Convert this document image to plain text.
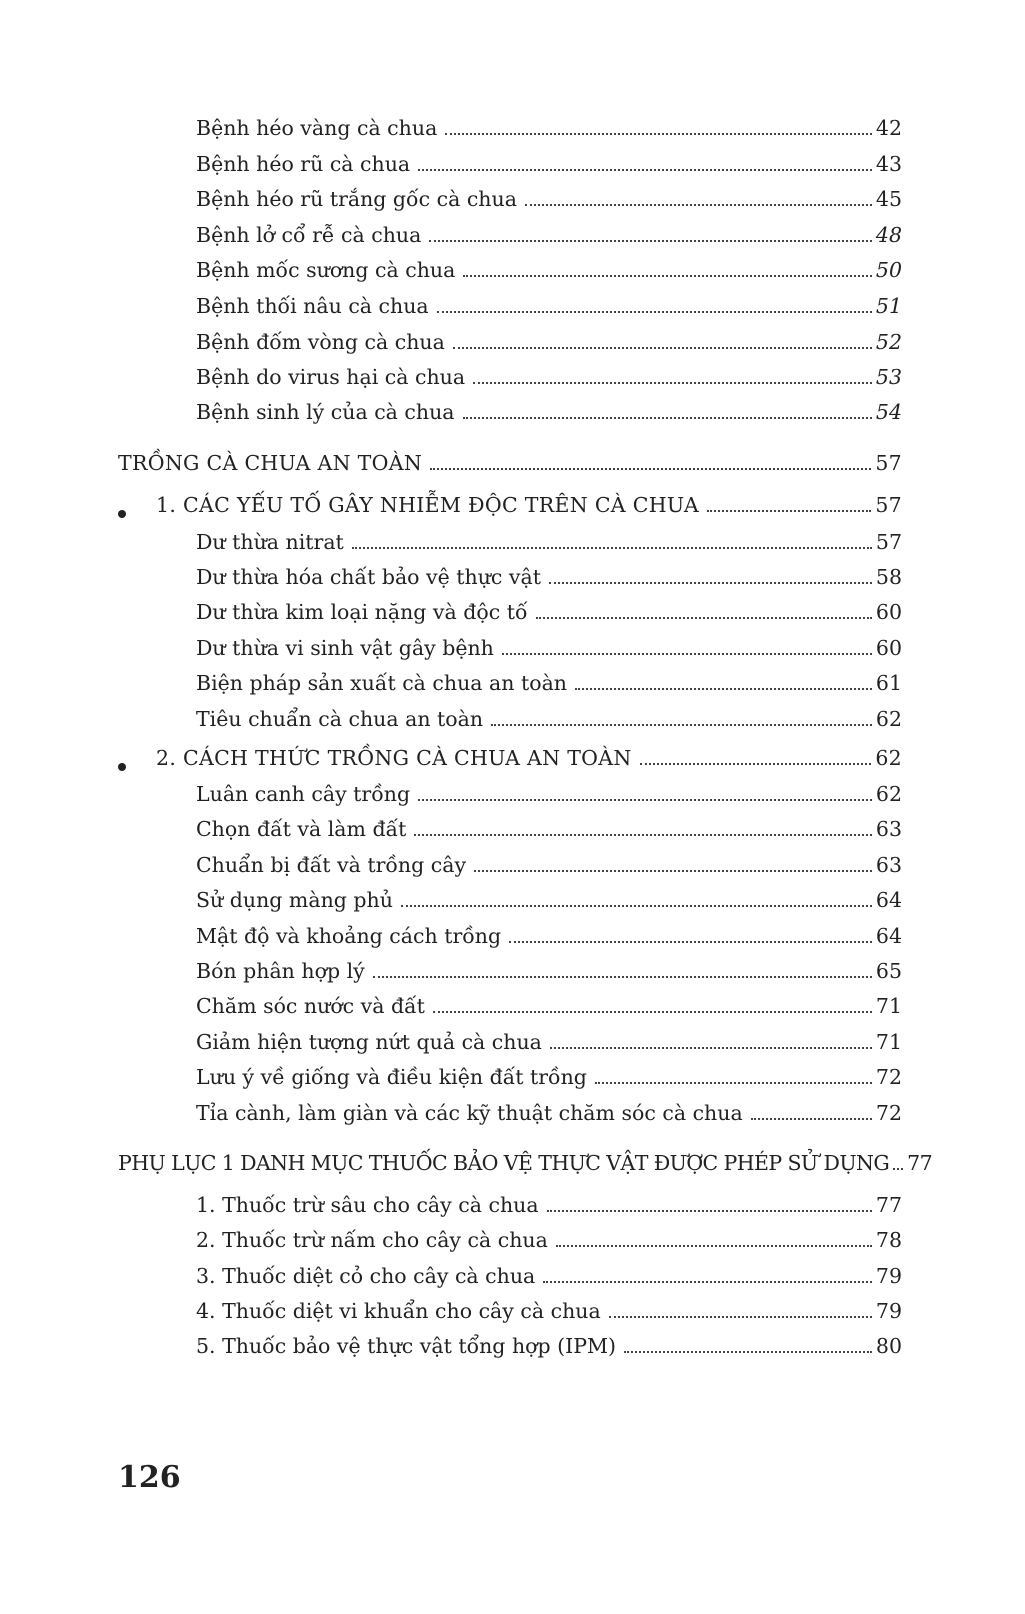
Bệnh héo vàng cà chua	42
Bệnh héo rũ cà chua	43
Bệnh héo rũ trắng gốc cà chua	45
Bệnh lở cổ rễ cà chua	48
Bệnh mốc sương cà chua	50
Bệnh thối nâu cà chua	51
Bệnh đốm vòng cà chua	52
Bệnh do virus hại cà chua	53
Bệnh sinh lý của cà chua	54
TRỒNG CÀ CHUA AN TOÀN	57
1. CÁC YẾU TỐ GÂY NHIỄM ĐỘC TRÊN CÀ CHUA	57
Dư thừa nitrat	57
Dư thừa hóa chất bảo vệ thực vật	58
Dư thừa kim loại nặng và độc tố	60
Dư thừa vi sinh vật gây bệnh	60
Biện pháp sản xuất cà chua an toàn	61
Tiêu chuẩn cà chua an toàn	62
2. CÁCH THỨC TRỒNG CÀ CHUA AN TOÀN	62
Luân canh cây trồng	62
Chọn đất và làm đất	63
Chuẩn bị đất và trồng cây	63
Sử dụng màng phủ	64
Mật độ và khoảng cách trồng	64
Bón phân hợp lý	65
Chăm sóc nước và đất	71
Giảm hiện tượng nứt quả cà chua	71
Lưu ý về giống và điều kiện đất trồng	72
Tỉa cành, làm giàn và các kỹ thuật chăm sóc cà chua	72
PHỤ LỤC 1 DANH MỤC THUỐC BẢO VỆ THỰC VẬT ĐƯỢC PHÉP SỬ DỤNG 77
1. Thuốc trừ sâu cho cây cà chua	77
2. Thuốc trừ nấm cho cây cà chua	78
3. Thuốc diệt cỏ cho cây cà chua	79
4. Thuốc diệt vi khuẩn cho cây cà chua	79
5. Thuốc bảo vệ thực vật tổng hợp (IPM)	80
126
